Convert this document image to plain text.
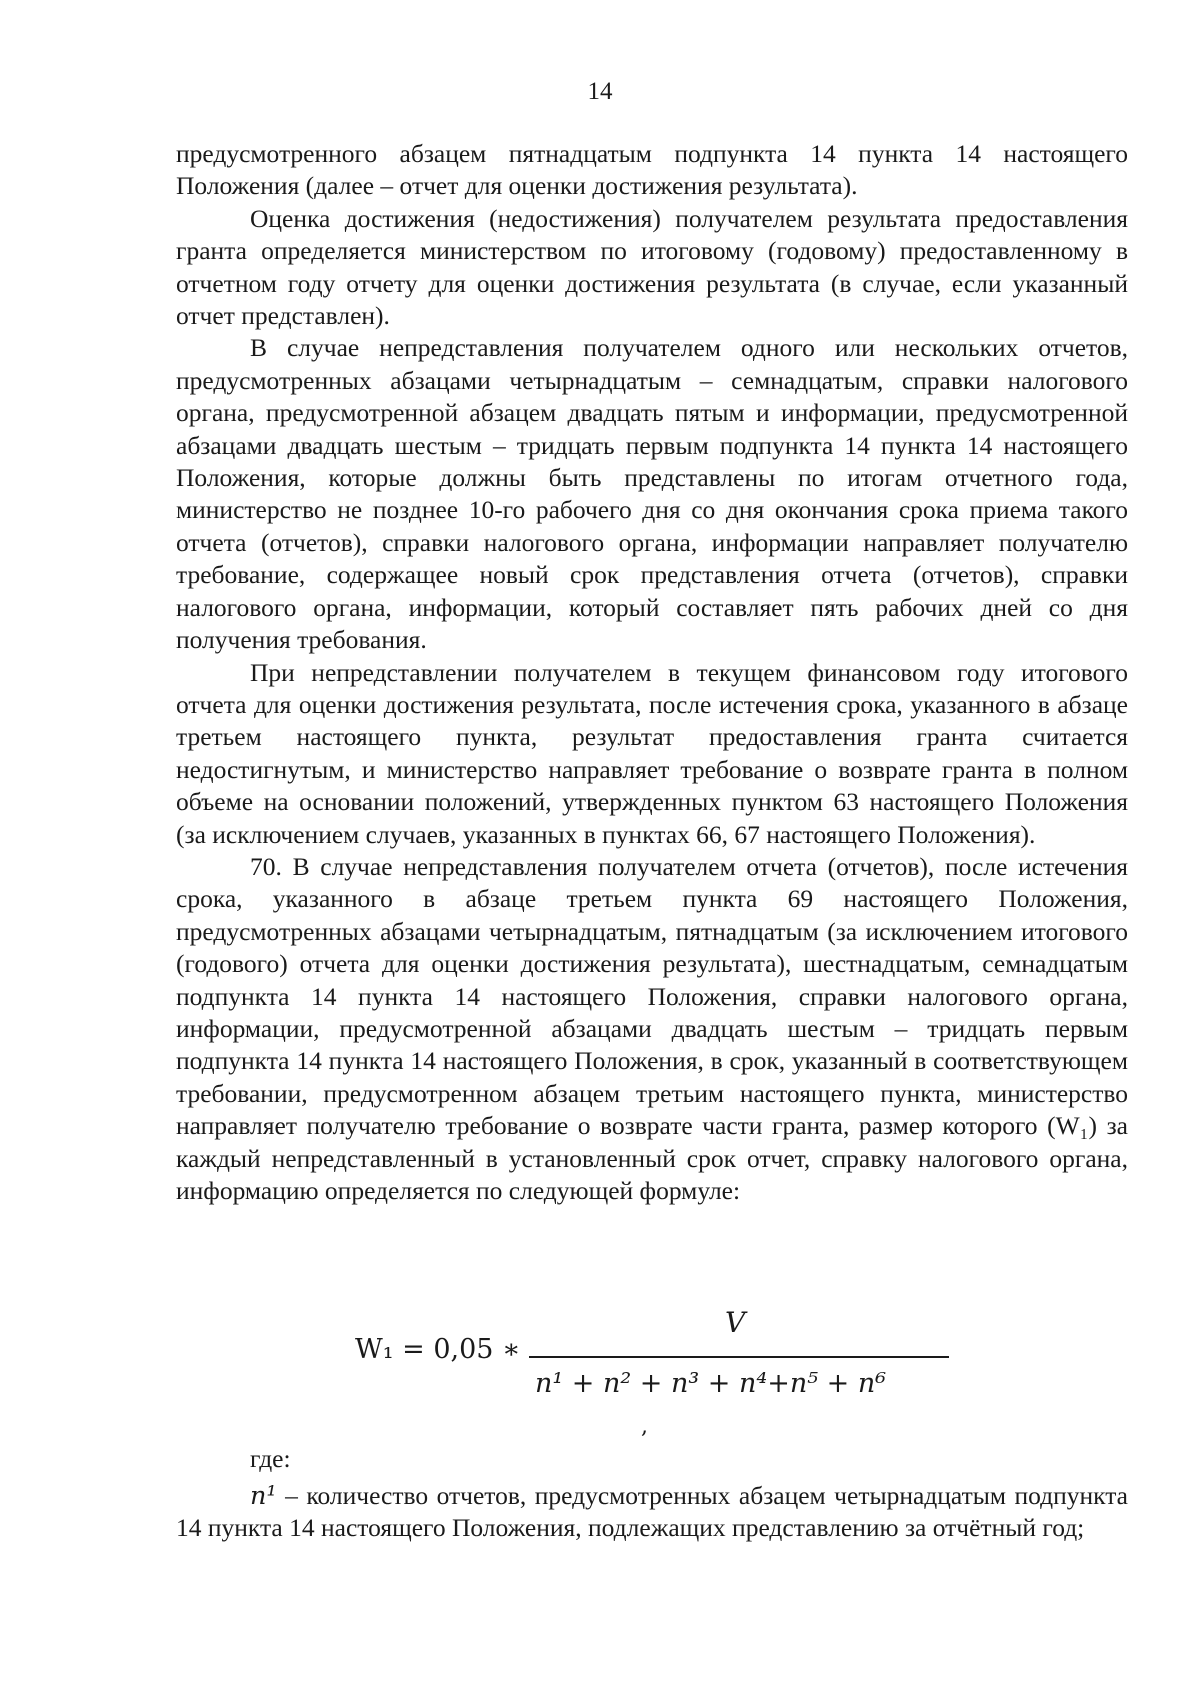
14

предусмотренного абзацем пятнадцатым подпункта 14 пункта 14 настоящего Положения (далее – отчет для оценки достижения результата).

Оценка достижения (недостижения) получателем результата предоставления гранта определяется министерством по итоговому (годовому) предоставленному в отчетном году отчету для оценки достижения результата (в случае, если указанный отчет представлен).

В случае непредставления получателем одного или нескольких отчетов, предусмотренных абзацами четырнадцатым – семнадцатым, справки налогового органа, предусмотренной абзацем двадцать пятым и информации, предусмотренной абзацами двадцать шестым – тридцать первым подпункта 14 пункта 14 настоящего Положения, которые должны быть представлены по итогам отчетного года, министерство не позднее 10-го рабочего дня со дня окончания срока приема такого отчета (отчетов), справки налогового органа, информации направляет получателю требование, содержащее новый срок представления отчета (отчетов), справки налогового органа, информации, который составляет пять рабочих дней со дня получения требования.

При непредставлении получателем в текущем финансовом году итогового отчета для оценки достижения результата, после истечения срока, указанного в абзаце третьем настоящего пункта, результат предоставления гранта считается недостигнутым, и министерство направляет требование о возврате гранта в полном объеме на основании положений, утвержденных пунктом 63 настоящего Положения (за исключением случаев, указанных в пунктах 66, 67 настоящего Положения).

70. В случае непредставления получателем отчета (отчетов), после истечения срока, указанного в абзаце третьем пункта 69 настоящего Положения, предусмотренных абзацами четырнадцатым, пятнадцатым (за исключением итогового (годового) отчета для оценки достижения результата), шестнадцатым, семнадцатым подпункта 14 пункта 14 настоящего Положения, справки налогового органа, информации, предусмотренной абзацами двадцать шестым – тридцать первым подпункта 14 пункта 14 настоящего Положения, в срок, указанный в соответствующем требовании, предусмотренном абзацем третьим настоящего пункта, министерство направляет получателю требование о возврате части гранта, размер которого (W₁) за каждый непредставленный в установленный срок отчет, справку налогового органа, информацию определяется по следующей формуле:

W₁ = 0,05 ∗
V
n¹ + n² + n³ + n⁴+n⁵ + n⁶
,
где:

n¹ – количество отчетов, предусмотренных абзацем четырнадцатым подпункта 14 пункта 14 настоящего Положения, подлежащих представлению за отчётный год;
